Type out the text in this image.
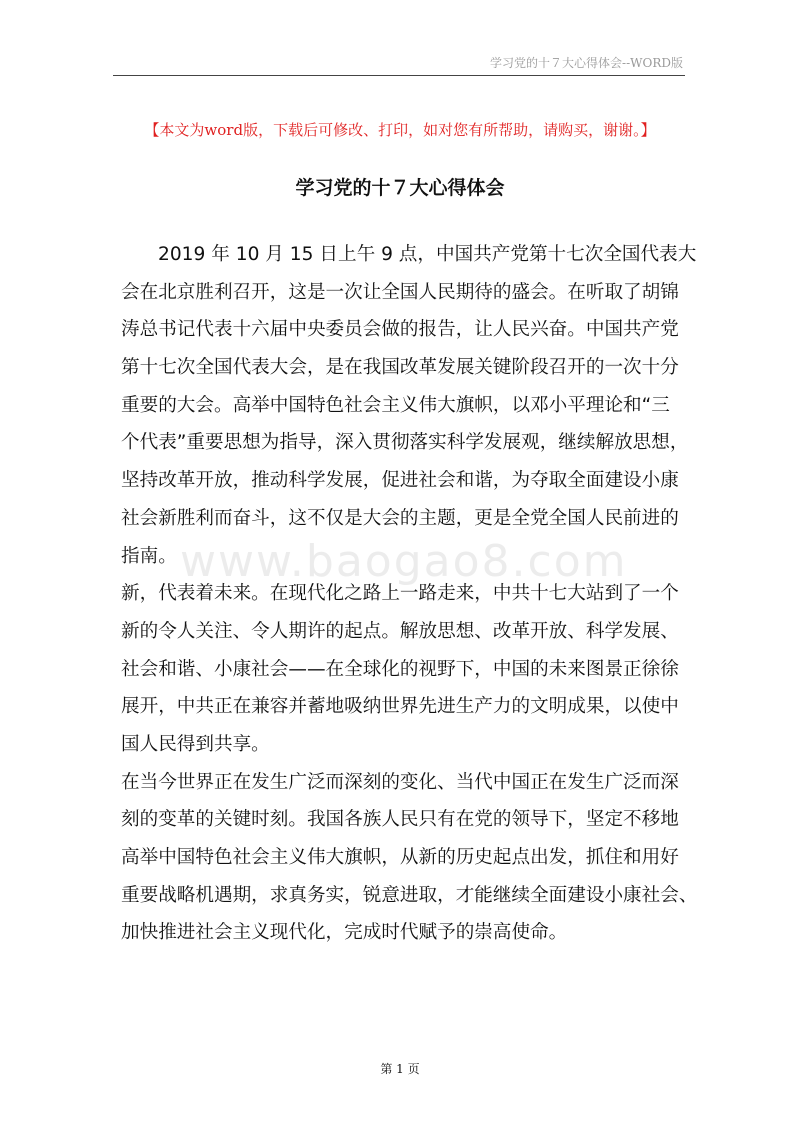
学习党的十７大心得体会--WORD版
【本文为word版，下载后可修改、打印，如对您有所帮助，请购买，谢谢。】
学习党的十７大心得体会
www.baogao8.com
2019 年 10 月 15 日上午 9 点，中国共产党第十七次全国代表大
会在北京胜利召开，这是一次让全国人民期待的盛会。在听取了胡锦
涛总书记代表十六届中央委员会做的报告，让人民兴奋。中国共产党
第十七次全国代表大会，是在我国改革发展关键阶段召开的一次十分
重要的大会。高举中国特色社会主义伟大旗帜，以邓小平理论和“三
个代表”重要思想为指导，深入贯彻落实科学发展观，继续解放思想，
坚持改革开放，推动科学发展，促进社会和谐，为夺取全面建设小康
社会新胜利而奋斗，这不仅是大会的主题，更是全党全国人民前进的
指南。
新，代表着未来。在现代化之路上一路走来，中共十七大站到了一个
新的令人关注、令人期许的起点。解放思想、改革开放、科学发展、
社会和谐、小康社会——在全球化的视野下，中国的未来图景正徐徐
展开，中共正在兼容并蓄地吸纳世界先进生产力的文明成果，以使中
国人民得到共享。
在当今世界正在发生广泛而深刻的变化、当代中国正在发生广泛而深
刻的变革的关键时刻。我国各族人民只有在党的领导下，坚定不移地
高举中国特色社会主义伟大旗帜，从新的历史起点出发，抓住和用好
重要战略机遇期，求真务实，锐意进取，才能继续全面建设小康社会、
加快推进社会主义现代化，完成时代赋予的崇高使命。
第 1 页
